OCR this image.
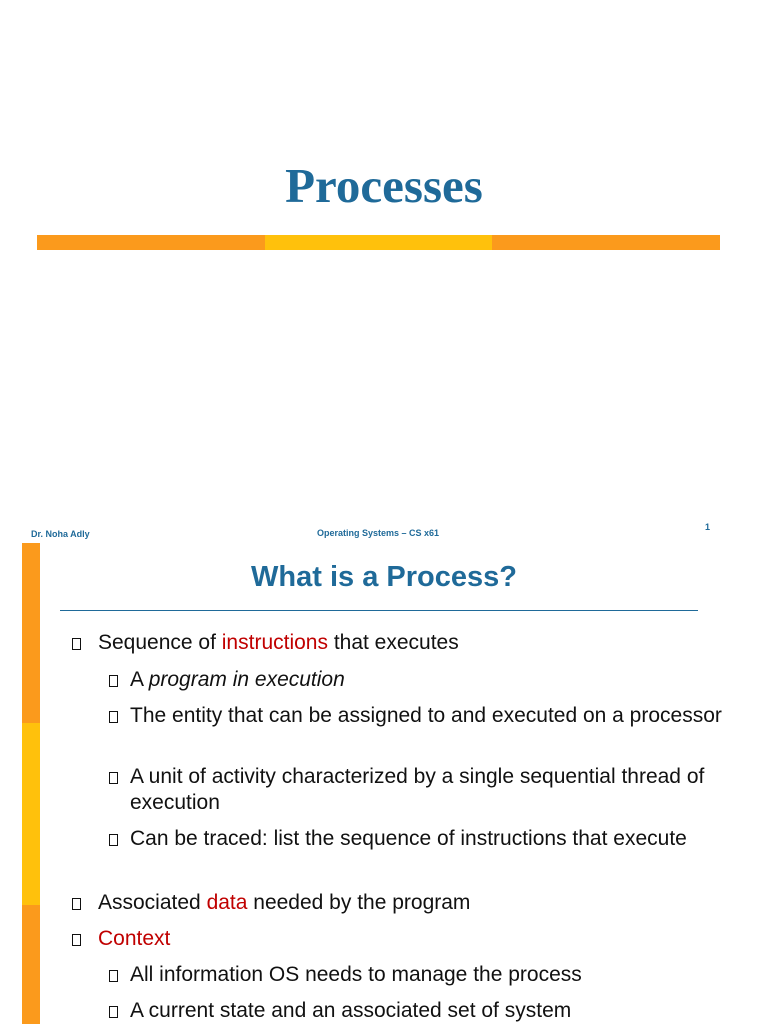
Processes
Dr. Noha Adly	Operating Systems – CS x61
1
What is a Process?
Sequence of instructions that executes
A program in execution
The entity that can be assigned to and executed on a processor
A unit of activity characterized by a single sequential thread of execution
Can be traced: list the sequence of instructions that execute
Associated data needed by the program
Context
All information OS needs to manage the process
A current state and an associated set of system
